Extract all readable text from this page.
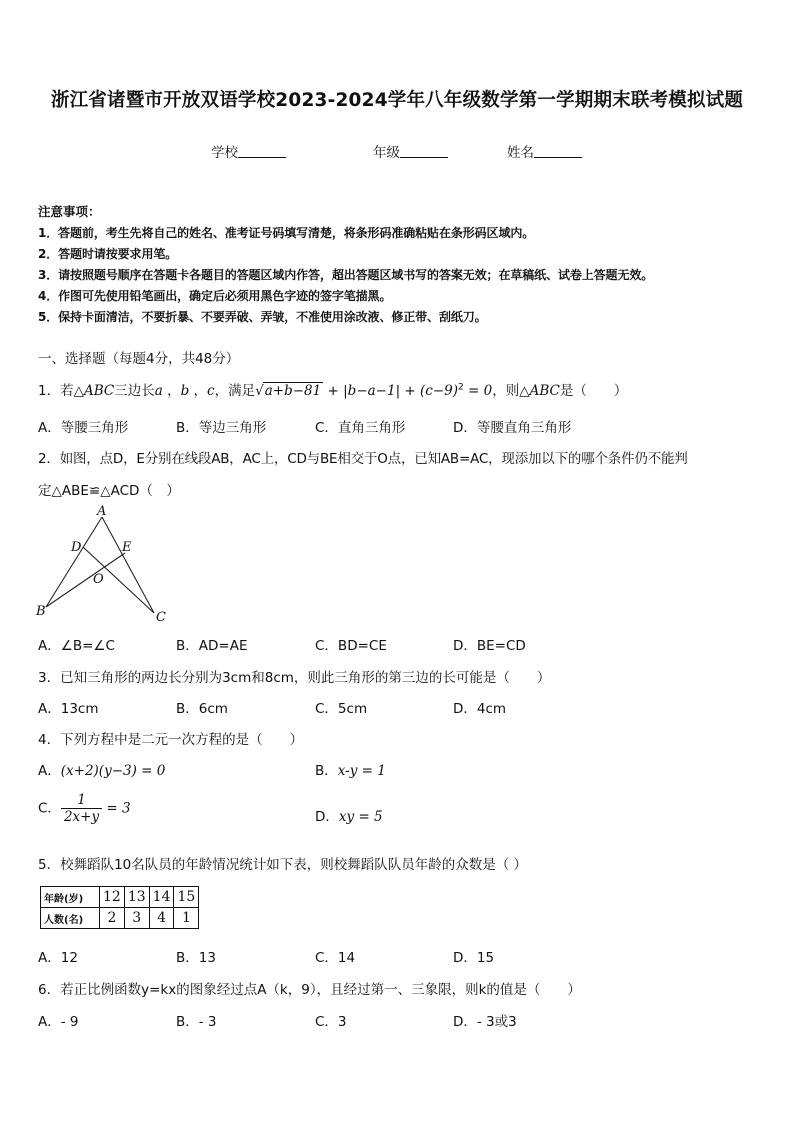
浙江省诸暨市开放双语学校2023-2024学年八年级数学第一学期期末联考模拟试题
学校	年级	姓名
注意事项：
1．答题前，考生先将自己的姓名、准考证号码填写清楚，将条形码准确粘贴在条形码区域内。
2．答题时请按要求用笔。
3．请按照题号顺序在答题卡各题目的答题区域内作答，超出答题区域书写的答案无效；在草稿纸、试卷上答题无效。
4．作图可先使用铅笔画出，确定后必须用黑色字迹的签字笔描黑。
5．保持卡面清洁，不要折暴、不要弄破、弄皱，不准使用涂改液、修正带、刮纸刀。
一、选择题（每题4分，共48分）
1．若△ABC三边长a ，b ，c，满足$√a+b-81 + |b-a-1| + (c-9)^2 = 0$，则△ABC是（　　）
A．等腰三角形	B．等边三角形	C．直角三角形	D．等腰直角三角形
2．如图，点D，E分别在线段AB，AC上，CD与BE相交于O点，已知AB=AC，现添加以下的哪个条件仍不能判
定△ABE≌△ACD（　）
A
D	E
O
B	C
A．∠B=∠C	B．AD=AE	C．BD=CE	D．BE=CD
3．已知三角形的两边长分别为3cm和8cm，则此三角形的第三边的长可能是（　　）
A．13cm	B．6cm	C．5cm	D．4cm
4．下列方程中是二元一次方程的是（　　）
A．(x+2)(y−3) = 0	B．x-y = 1
C． $\frac{1}{2x+y} = 3$
D．xy = 5
5．校舞蹈队10名队员的年龄情况统计如下表，则校舞蹈队队员年龄的众数是（ ）
年龄(岁)	12	13	14	15
人数(名)	2	3	4	1
A．12	B．13	C．14	D．15
6．若正比例函数y=kx的图象经过点A（k，9），且经过第一、三象限，则k的值是（　　）
A．- 9	B．- 3	C．3	D．- 3或3
